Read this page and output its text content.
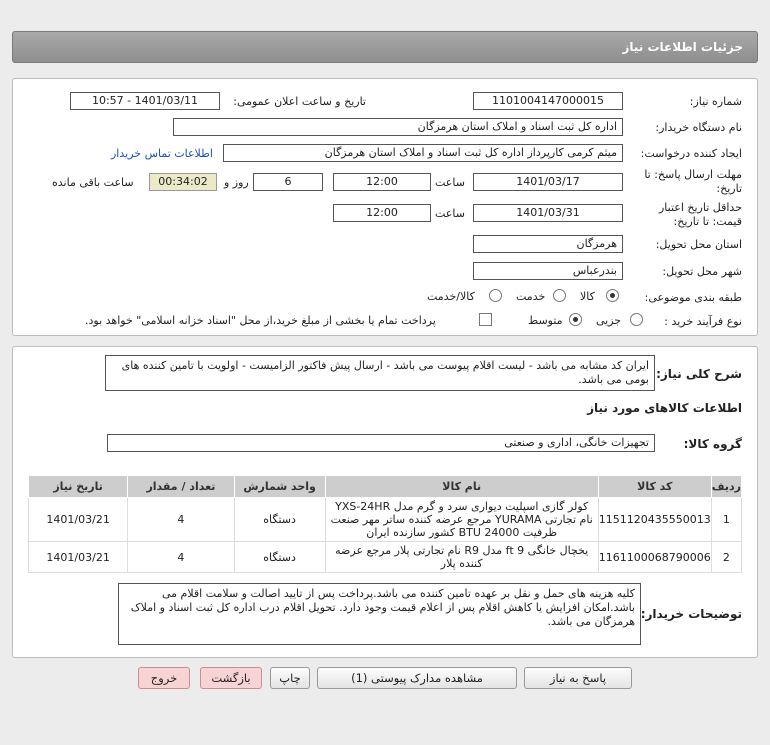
جزئیات اطلاعات نیاز
شماره نیاز:
1101004147000015
تاریخ و ساعت اعلان عمومی:
1401/03/11 - 10:57
نام دستگاه خریدار:
اداره کل ثبت اسناد و املاک استان هرمزگان
ایجاد کننده درخواست:
میثم کرمی کارپرداز اداره کل ثبت اسناد و املاک استان هرمزگان
اطلاعات تماس خریدار
مهلت ارسال پاسخ: تا
تاریخ:
1401/03/17
ساعت
12:00
6
روز و
00:34:02
ساعت باقی مانده
حداقل تاریخ اعتبار
قیمت: تا تاریخ:
1401/03/31
ساعت
12:00
استان محل تحویل:
هرمزگان
شهر محل تحویل:
بندرعباس
طبقه بندی موضوعی:
کالا
خدمت
کالا/خدمت
نوع فرآیند خرید :
جزیی
متوسط
پرداخت تمام یا بخشی از مبلغ خرید،از محل "اسناد خزانه اسلامی" خواهد بود.
شرح کلی نیاز:
ایران کد مشابه می باشد - لیست اقلام پیوست می باشد - ارسال پیش فاکتور الزامیست - اولویت با تامین کننده های بومی می باشد.
اطلاعات کالاهای مورد نیاز
گروه کالا:
تجهیزات خانگی، اداری و صنعتی
ردیف	کد کالا	نام کالا	واحد شمارش	تعداد / مقدار	تاریخ نیاز
1	1151120435550013	کولر گازی اسپلیت دیواری سرد و گرم مدل YXS-24HR نام تجارتی YURAMA مرجع عرضه کننده ساتر مهر صنعت ظرفیت BTU 24000 کشور سازنده ایران	دستگاه	4	1401/03/21
2	1161100068790006	یخچال خانگی 9 ft مدل R9 نام تجارتی پلار مرجع عرضه کننده پلار	دستگاه	4	1401/03/21
توضیحات خریدار:
کلیه هزینه های حمل و نقل بر عهده تامین کننده می باشد.پرداخت پس از تایید اصالت و سلامت اقلام می باشد.امکان افزایش یا کاهش اقلام پس از اعلام قیمت وجود دارد. تحویل اقلام درب اداره کل ثبت اسناد و املاک هرمزگان می باشد.
پاسخ به نیاز
مشاهده مدارک پیوستی (1)
چاپ
بازگشت
خروج
